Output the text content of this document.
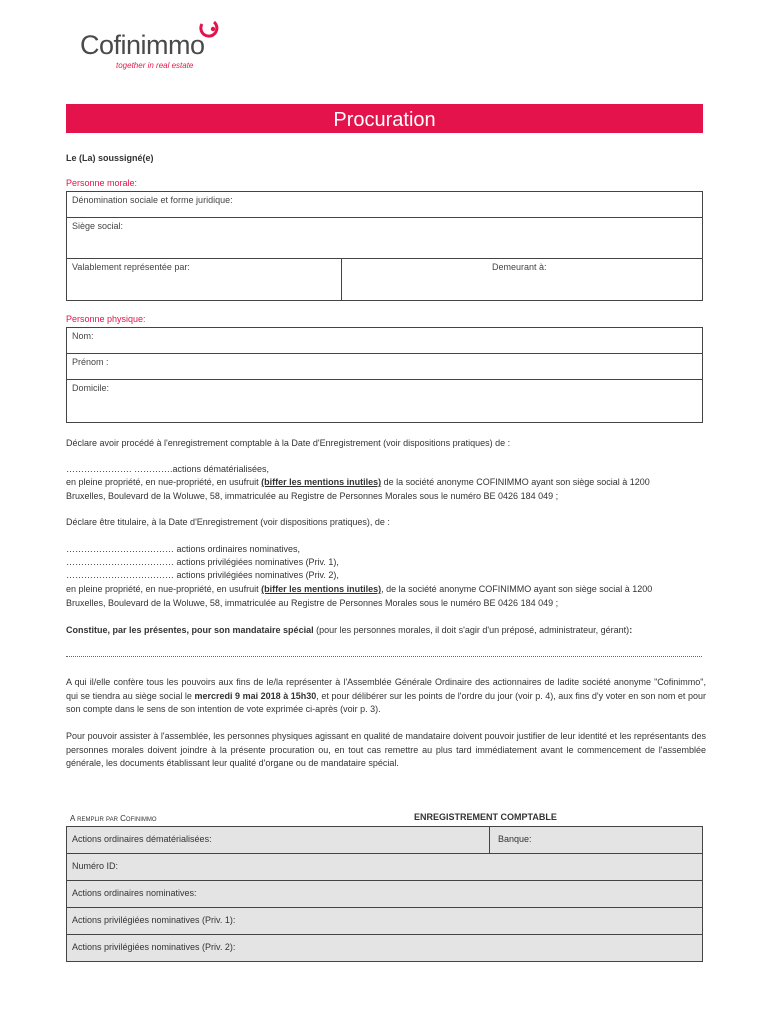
Cofinimmo
together in real estate
Procuration
Le (La) soussigné(e)
Personne morale:
Dénomination sociale et forme juridique:
Siège social:
Valablement représentée par:	Demeurant à:
Personne physique:
Nom:
Prénom :
Domicile:
Déclare avoir procédé à l'enregistrement comptable à la Date d'Enregistrement (voir dispositions pratiques) de :
…………………. ………….actions dématérialisées,
en pleine propriété, en nue-propriété, en usufruit (biffer les mentions inutiles) de la société anonyme COFINIMMO ayant son siège social à 1200
Bruxelles, Boulevard de la Woluwe, 58, immatriculée au Registre de Personnes Morales sous le numéro BE 0426 184 049 ;
Déclare être titulaire, à la Date d'Enregistrement (voir dispositions pratiques), de :
……………………………… actions ordinaires nominatives,
……………………………… actions privilégiées nominatives (Priv. 1),
……………………………… actions privilégiées nominatives (Priv. 2),
en pleine propriété, en nue-propriété, en usufruit (biffer les mentions inutiles), de la société anonyme COFINIMMO ayant son siège social à 1200
Bruxelles, Boulevard de la Woluwe, 58, immatriculée au Registre de Personnes Morales sous le numéro BE 0426 184 049 ;
Constitue, par les présentes, pour son mandataire spécial (pour les personnes morales, il doit s'agir d'un préposé, administrateur, gérant):
A qui il/elle confère tous les pouvoirs aux fins de le/la représenter à l'Assemblée Générale Ordinaire des actionnaires de ladite société anonyme "Cofinimmo", qui se tiendra au siège social le mercredi 9 mai 2018 à 15h30, et pour délibérer sur les points de l'ordre du jour (voir p. 4), aux fins d'y voter en son nom et pour son compte dans le sens de son intention de vote exprimée ci-après (voir p. 3).
Pour pouvoir assister à l'assemblée, les personnes physiques agissant en qualité de mandataire doivent pouvoir justifier de leur identité et les représentants des personnes morales doivent joindre à la présente procuration ou, en tout cas remettre au plus tard immédiatement avant le commencement de l'assemblée générale, les documents établissant leur qualité d'organe ou de mandataire spécial.
A remplir par Cofinimmo	ENREGISTREMENT COMPTABLE
Actions ordinaires dématérialisées:	Banque:
Numéro ID:
Actions ordinaires nominatives:
Actions privilégiées nominatives (Priv. 1):
Actions privilégiées nominatives (Priv. 2):
